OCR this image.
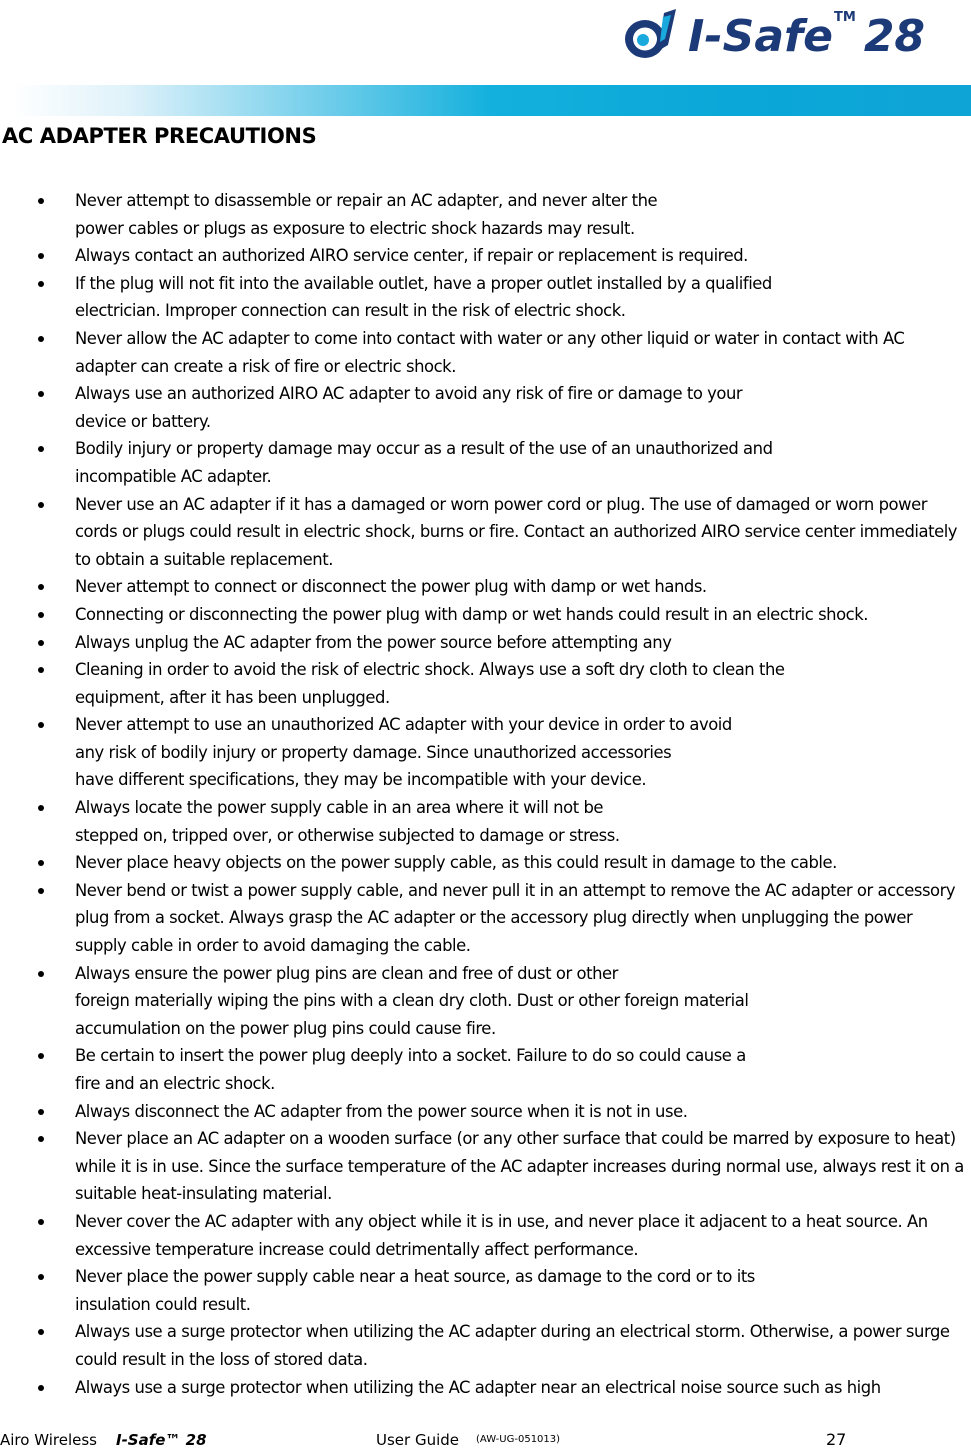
I-Safe TM 28
AC ADAPTER PRECAUTIONS
Never attempt to disassemble or repair an AC adapter, and never alter the
power cables or plugs as exposure to electric shock hazards may result.
Always contact an authorized AIRO service center, if repair or replacement is required.
If the plug will not fit into the available outlet, have a proper outlet installed by a qualified
electrician. Improper connection can result in the risk of electric shock.
Never allow the AC adapter to come into contact with water or any other liquid or water in contact with AC adapter can create a risk of fire or electric shock.
Always use an authorized AIRO AC adapter to avoid any risk of fire or damage to your
device or battery.
Bodily injury or property damage may occur as a result of the use of an unauthorized and
incompatible AC adapter.
Never use an AC adapter if it has a damaged or worn power cord or plug. The use of damaged or worn power cords or plugs could result in electric shock, burns or fire. Contact an authorized AIRO service center immediately to obtain a suitable replacement.
Never attempt to connect or disconnect the power plug with damp or wet hands.
Connecting or disconnecting the power plug with damp or wet hands could result in an electric shock.
Always unplug the AC adapter from the power source before attempting any
Cleaning in order to avoid the risk of electric shock. Always use a soft dry cloth to clean the
equipment, after it has been unplugged.
Never attempt to use an unauthorized AC adapter with your device in order to avoid
any risk of bodily injury or property damage. Since unauthorized accessories
have different specifications, they may be incompatible with your device.
Always locate the power supply cable in an area where it will not be
stepped on, tripped over, or otherwise subjected to damage or stress.
Never place heavy objects on the power supply cable, as this could result in damage to the cable.
Never bend or twist a power supply cable, and never pull it in an attempt to remove the AC adapter or accessory plug from a socket. Always grasp the AC adapter or the accessory plug directly when unplugging the power supply cable in order to avoid damaging the cable.
Always ensure the power plug pins are clean and free of dust or other
foreign materially wiping the pins with a clean dry cloth. Dust or other foreign material
accumulation on the power plug pins could cause fire.
Be certain to insert the power plug deeply into a socket. Failure to do so could cause a
fire and an electric shock.
Always disconnect the AC adapter from the power source when it is not in use.
Never place an AC adapter on a wooden surface (or any other surface that could be marred by exposure to heat) while it is in use. Since the surface temperature of the AC adapter increases during normal use, always rest it on a suitable heat-insulating material.
Never cover the AC adapter with any object while it is in use, and never place it adjacent to a heat source. An excessive temperature increase could detrimentally affect performance.
Never place the power supply cable near a heat source, as damage to the cord or to its
insulation could result.
Always use a surge protector when utilizing the AC adapter during an electrical storm. Otherwise, a power surge could result in the loss of stored data.
Always use a surge protector when utilizing the AC adapter near an electrical noise source such as high
Airo Wireless I-Safe™ 28	User Guide (AW-UG-051013)	27
